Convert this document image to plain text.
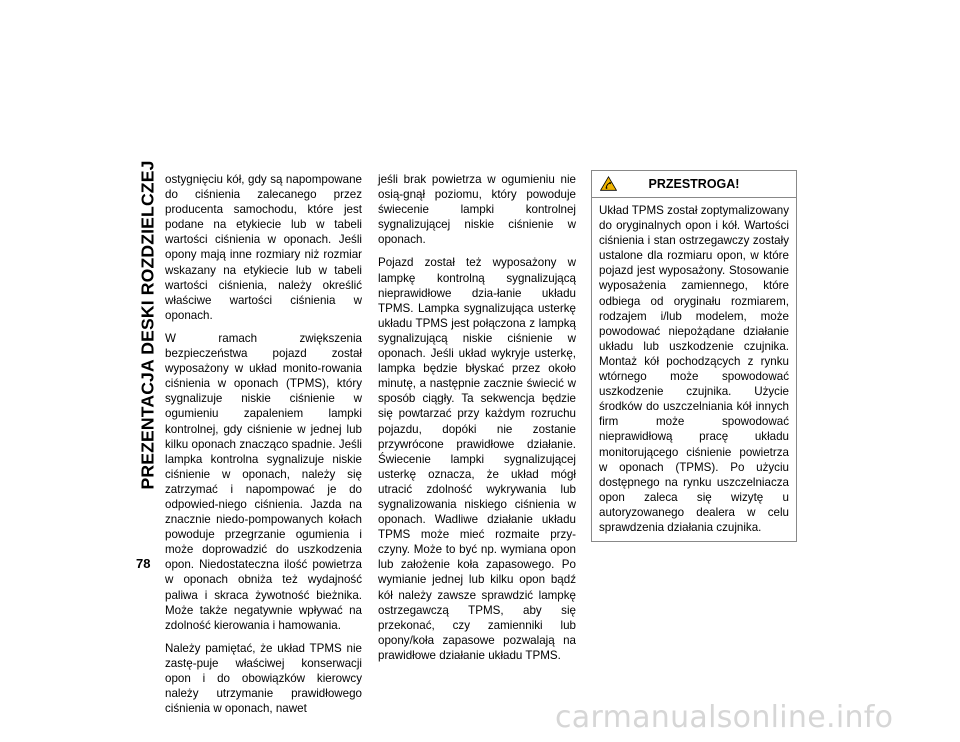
PREZENTACJA DESKI ROZDZIELCZEJ
78

ostygnięciu kół, gdy są napompowane do ciśnienia zalecanego przez producenta samochodu, które jest podane na etykiecie lub w tabeli wartości ciśnienia w oponach. Jeśli opony mają inne rozmiary niż rozmiar wskazany na etykiecie lub w tabeli wartości ciśnienia, należy określić właściwe wartości ciśnienia w oponach.

W ramach zwiększenia bezpieczeństwa pojazd został wyposażony w układ monito-rowania ciśnienia w oponach (TPMS), który sygnalizuje niskie ciśnienie w ogumieniu zapaleniem lampki kontrolnej, gdy ciśnienie w jednej lub kilku oponach znacząco spadnie. Jeśli lampka kontrolna sygnalizuje niskie ciśnienie w oponach, należy się zatrzymać i napompować je do odpowied-niego ciśnienia. Jazda na znacznie niedo-pompowanych kołach powoduje przegrzanie ogumienia i może doprowadzić do uszkodzenia opon. Niedostateczna ilość powietrza w oponach obniża też wydajność paliwa i skraca żywotność bieżnika. Może także negatywnie wpływać na zdolność kierowania i hamowania.

Należy pamiętać, że układ TPMS nie zastę-puje właściwej konserwacji opon i do obowiązków kierowcy należy utrzymanie prawidłowego ciśnienia w oponach, nawet

jeśli brak powietrza w ogumieniu nie osią-gnął poziomu, który powoduje świecenie lampki kontrolnej sygnalizującej niskie ciśnienie w oponach.

Pojazd został też wyposażony w lampkę kontrolną sygnalizującą nieprawidłowe dzia-łanie układu TPMS. Lampka sygnalizująca usterkę układu TPMS jest połączona z lampką sygnalizującą niskie ciśnienie w oponach. Jeśli układ wykryje usterkę, lampka będzie błyskać przez około minutę, a następnie zacznie świecić w sposób ciągły. Ta sekwencja będzie się powtarzać przy każdym rozruchu pojazdu, dopóki nie zostanie przywrócone prawidłowe działanie. Świecenie lampki sygnalizującej usterkę oznacza, że układ mógł utracić zdolność wykrywania lub sygnalizowania niskiego ciśnienia w oponach. Wadliwe działanie układu TPMS może mieć rozmaite przy-czyny. Może to być np. wymiana opon lub założenie koła zapasowego. Po wymianie jednej lub kilku opon bądź kół należy zawsze sprawdzić lampkę ostrzegawczą TPMS, aby się przekonać, czy zamienniki lub opony/koła zapasowe pozwalają na prawidłowe działanie układu TPMS.

PRZESTROGA!
Układ TPMS został zoptymalizowany do oryginalnych opon i kół. Wartości ciśnienia i stan ostrzegawczy zostały ustalone dla rozmiaru opon, w które pojazd jest wyposażony. Stosowanie wyposażenia zamiennego, które odbiega od oryginału rozmiarem, rodzajem i/lub modelem, może powodować niepożądane działanie układu lub uszkodzenie czujnika. Montaż kół pochodzących z rynku wtórnego może spowodować uszkodzenie czujnika. Użycie środków do uszczelniania kół innych firm może spowodować nieprawidłową pracę układu monitorującego ciśnienie powietrza w oponach (TPMS). Po użyciu dostępnego na rynku uszczelniacza opon zaleca się wizytę u autoryzowanego dealera w celu sprawdzenia działania czujnika.
carmanualsonline.info
